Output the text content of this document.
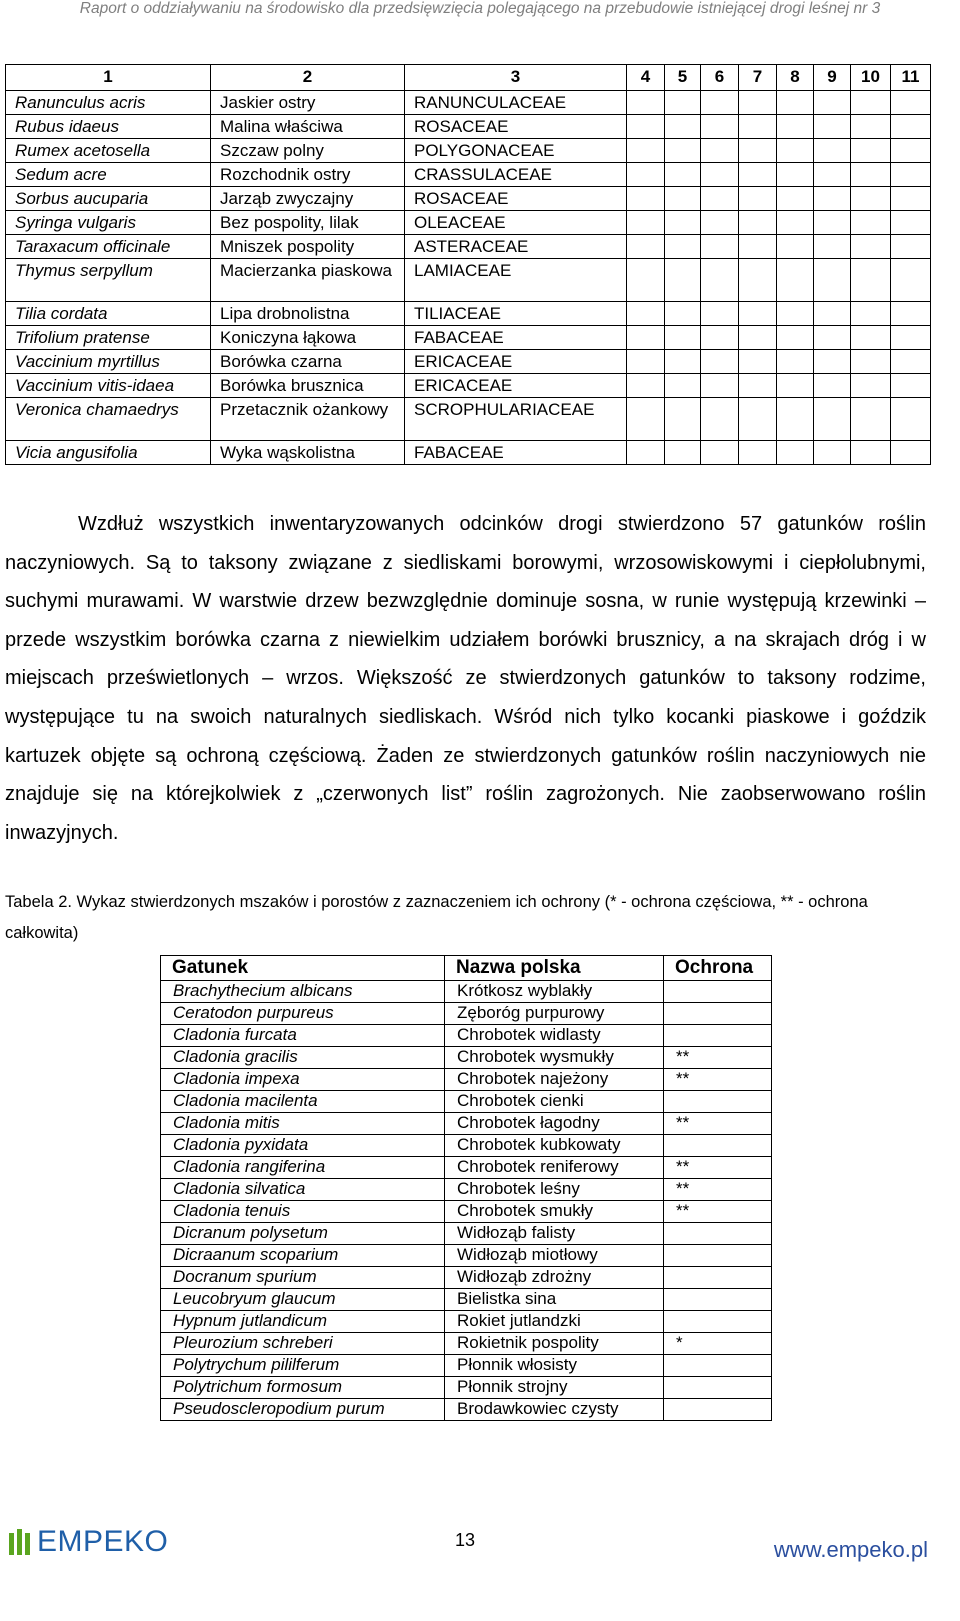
Raport o oddziaływaniu na środowisko dla przedsięwzięcia polegającego na przebudowie istniejącej drogi leśnej nr 3
1	2	3	4	5	6	7	8	9	10	11
Ranunculus acris	Jaskier ostry	RANUNCULACEAE								
Rubus idaeus	Malina właściwa	ROSACEAE								
Rumex acetosella	Szczaw polny	POLYGONACEAE								
Sedum acre	Rozchodnik ostry	CRASSULACEAE								
Sorbus aucuparia	Jarząb zwyczajny	ROSACEAE								
Syringa vulgaris	Bez pospolity, lilak	OLEACEAE								
Taraxacum officinale	Mniszek pospolity	ASTERACEAE								
Thymus serpyllum	Macierzanka piaskowa	LAMIACEAE								
Tilia cordata	Lipa drobnolistna	TILIACEAE								
Trifolium pratense	Koniczyna łąkowa	FABACEAE								
Vaccinium myrtillus	Borówka czarna	ERICACEAE								
Vaccinium vitis-idaea	Borówka brusznica	ERICACEAE								
Veronica chamaedrys	Przetacznik ożankowy	SCROPHULARIACEAE								
Vicia angusifolia	Wyka wąskolistna	FABACEAE								

Wzdłuż wszystkich inwentaryzowanych odcinków drogi stwierdzono 57 gatunków roślin naczyniowych. Są to taksony związane z siedliskami borowymi, wrzosowiskowymi i ciepłolubnymi, suchymi murawami. W warstwie drzew bezwzględnie dominuje sosna, w runie występują krzewinki – przede wszystkim borówka czarna z niewielkim udziałem borówki brusznicy, a na skrajach dróg i w miejscach prześwietlonych – wrzos. Większość ze stwierdzonych gatunków to taksony rodzime, występujące tu na swoich naturalnych siedliskach. Wśród nich tylko kocanki piaskowe i goździk kartuzek objęte są ochroną częściową. Żaden ze stwierdzonych gatunków roślin naczyniowych nie znajduje się na którejkolwiek z „czerwonych list” roślin zagrożonych. Nie zaobserwowano roślin inwazyjnych.

Tabela 2. Wykaz stwierdzonych mszaków i porostów z zaznaczeniem ich ochrony (* - ochrona częściowa, ** - ochrona całkowita)

Gatunek	Nazwa polska	Ochrona
Brachythecium albicans	Krótkosz wyblakły	
Ceratodon purpureus	Zęboróg purpurowy	
Cladonia furcata	Chrobotek widlasty	
Cladonia gracilis	Chrobotek wysmukły	**
Cladonia impexa	Chrobotek najeżony	**
Cladonia macilenta	Chrobotek cienki	
Cladonia mitis	Chrobotek łagodny	**
Cladonia pyxidata	Chrobotek kubkowaty	
Cladonia rangiferina	Chrobotek reniferowy	**
Cladonia silvatica	Chrobotek leśny	**
Cladonia tenuis	Chrobotek smukły	**
Dicranum polysetum	Widłoząb falisty	
Dicraanum scoparium	Widłoząb miotłowy	
Docranum spurium	Widłoząb zdrożny	
Leucobryum glaucum	Bielistka sina	
Hypnum jutlandicum	Rokiet jutlandzki	
Pleurozium schreberi	Rokietnik pospolity	*
Polytrychum pililferum	Płonnik włosisty	
Polytrichum formosum	Płonnik strojny	
Pseudoscleropodium purum	Brodawkowiec czysty	
EMPEKO	13	www.empeko.pl
